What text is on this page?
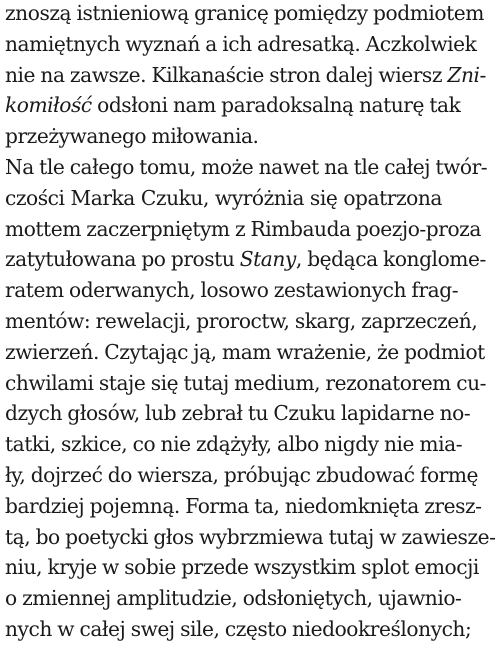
znoszą istnieniową granicę pomiędzy podmiotem
namiętnych wyznań a ich adresatką. Aczkolwiek
nie na zawsze. Kilkanaście stron dalej wiersz Zni-
komiłość odsłoni nam paradoksalną naturę tak
przeżywanego miłowania.
Na tle całego tomu, może nawet na tle całej twór-
czości Marka Czuku, wyróżnia się opatrzona
mottem zaczerpniętym z Rimbauda poezjo-proza
zatytułowana po prostu Stany, będąca konglome-
ratem oderwanych, losowo zestawionych frag-
mentów: rewelacji, proroctw, skarg, zaprzeczeń,
zwierzeń. Czytając ją, mam wrażenie, że podmiot
chwilami staje się tutaj medium, rezonatorem cu-
dzych głosów, lub zebrał tu Czuku lapidarne no-
tatki, szkice, co nie zdążyły, albo nigdy nie mia-
ły, dojrzeć do wiersza, próbując zbudować formę
bardziej pojemną. Forma ta, niedomknięta zresz-
tą, bo poetycki głos wybrzmiewa tutaj w zawiesze-
niu, kryje w sobie przede wszystkim splot emocji
o zmiennej amplitudzie, odsłoniętych, ujawnio-
nych w całej swej sile, często niedookreślonych;
